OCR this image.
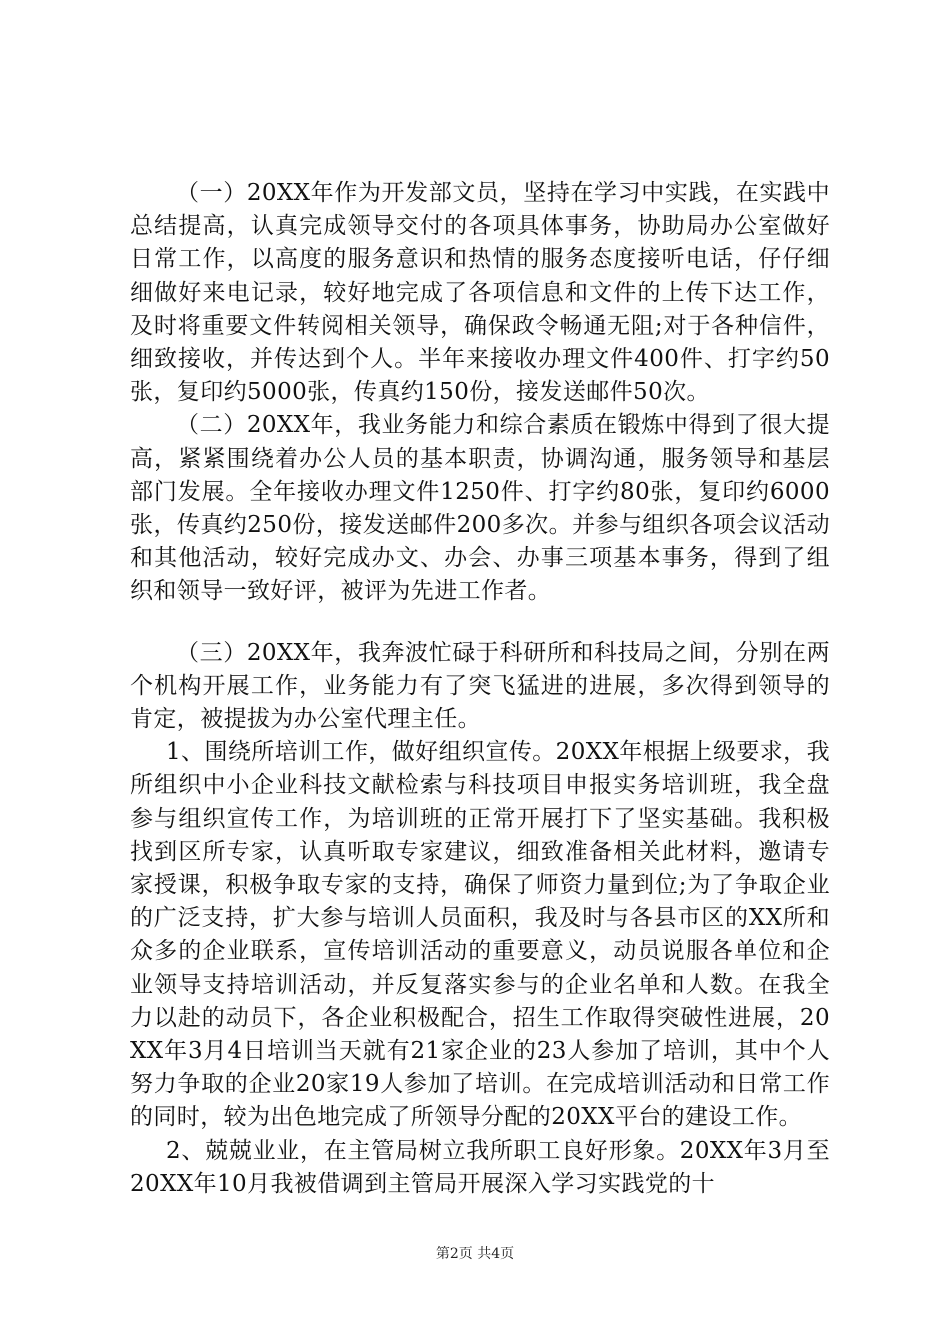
（一）20XX年作为开发部文员，坚持在学习中实践，在实践中总结提高，认真完成领导交付的各项具体事务，协助局办公室做好日常工作，以高度的服务意识和热情的服务态度接听电话，仔仔细细做好来电记录，较好地完成了各项信息和文件的上传下达工作，及时将重要文件转阅相关领导，确保政令畅通无阻;对于各种信件，细致接收，并传达到个人。半年来接收办理文件400件、打字约50张，复印约5000张，传真约150份，接发送邮件50次。

（二）20XX年，我业务能力和综合素质在锻炼中得到了很大提高，紧紧围绕着办公人员的基本职责，协调沟通，服务领导和基层部门发展。全年接收办理文件1250件、打字约80张，复印约6000张，传真约250份，接发送邮件200多次。并参与组织各项会议活动和其他活动，较好完成办文、办会、办事三项基本事务，得到了组织和领导一致好评，被评为先进工作者。

（三）20XX年，我奔波忙碌于科研所和科技局之间，分别在两个机构开展工作，业务能力有了突飞猛进的进展，多次得到领导的肯定，被提拔为办公室代理主任。

1、围绕所培训工作，做好组织宣传。20XX年根据上级要求，我所组织中小企业科技文献检索与科技项目申报实务培训班，我全盘参与组织宣传工作，为培训班的正常开展打下了坚实基础。我积极找到区所专家，认真听取专家建议，细致准备相关此材料，邀请专家授课，积极争取专家的支持，确保了师资力量到位;为了争取企业的广泛支持，扩大参与培训人员面积，我及时与各县市区的XX所和众多的企业联系，宣传培训活动的重要意义，动员说服各单位和企业领导支持培训活动，并反复落实参与的企业名单和人数。在我全力以赴的动员下，各企业积极配合，招生工作取得突破性进展，20XX年3月4日培训当天就有21家企业的23人参加了培训，其中个人努力争取的企业20家19人参加了培训。在完成培训活动和日常工作的同时，较为出色地完成了所领导分配的20XX平台的建设工作。

2、兢兢业业，在主管局树立我所职工良好形象。20XX年3月至20XX年10月我被借调到主管局开展深入学习实践党的十

第2页 共4页
